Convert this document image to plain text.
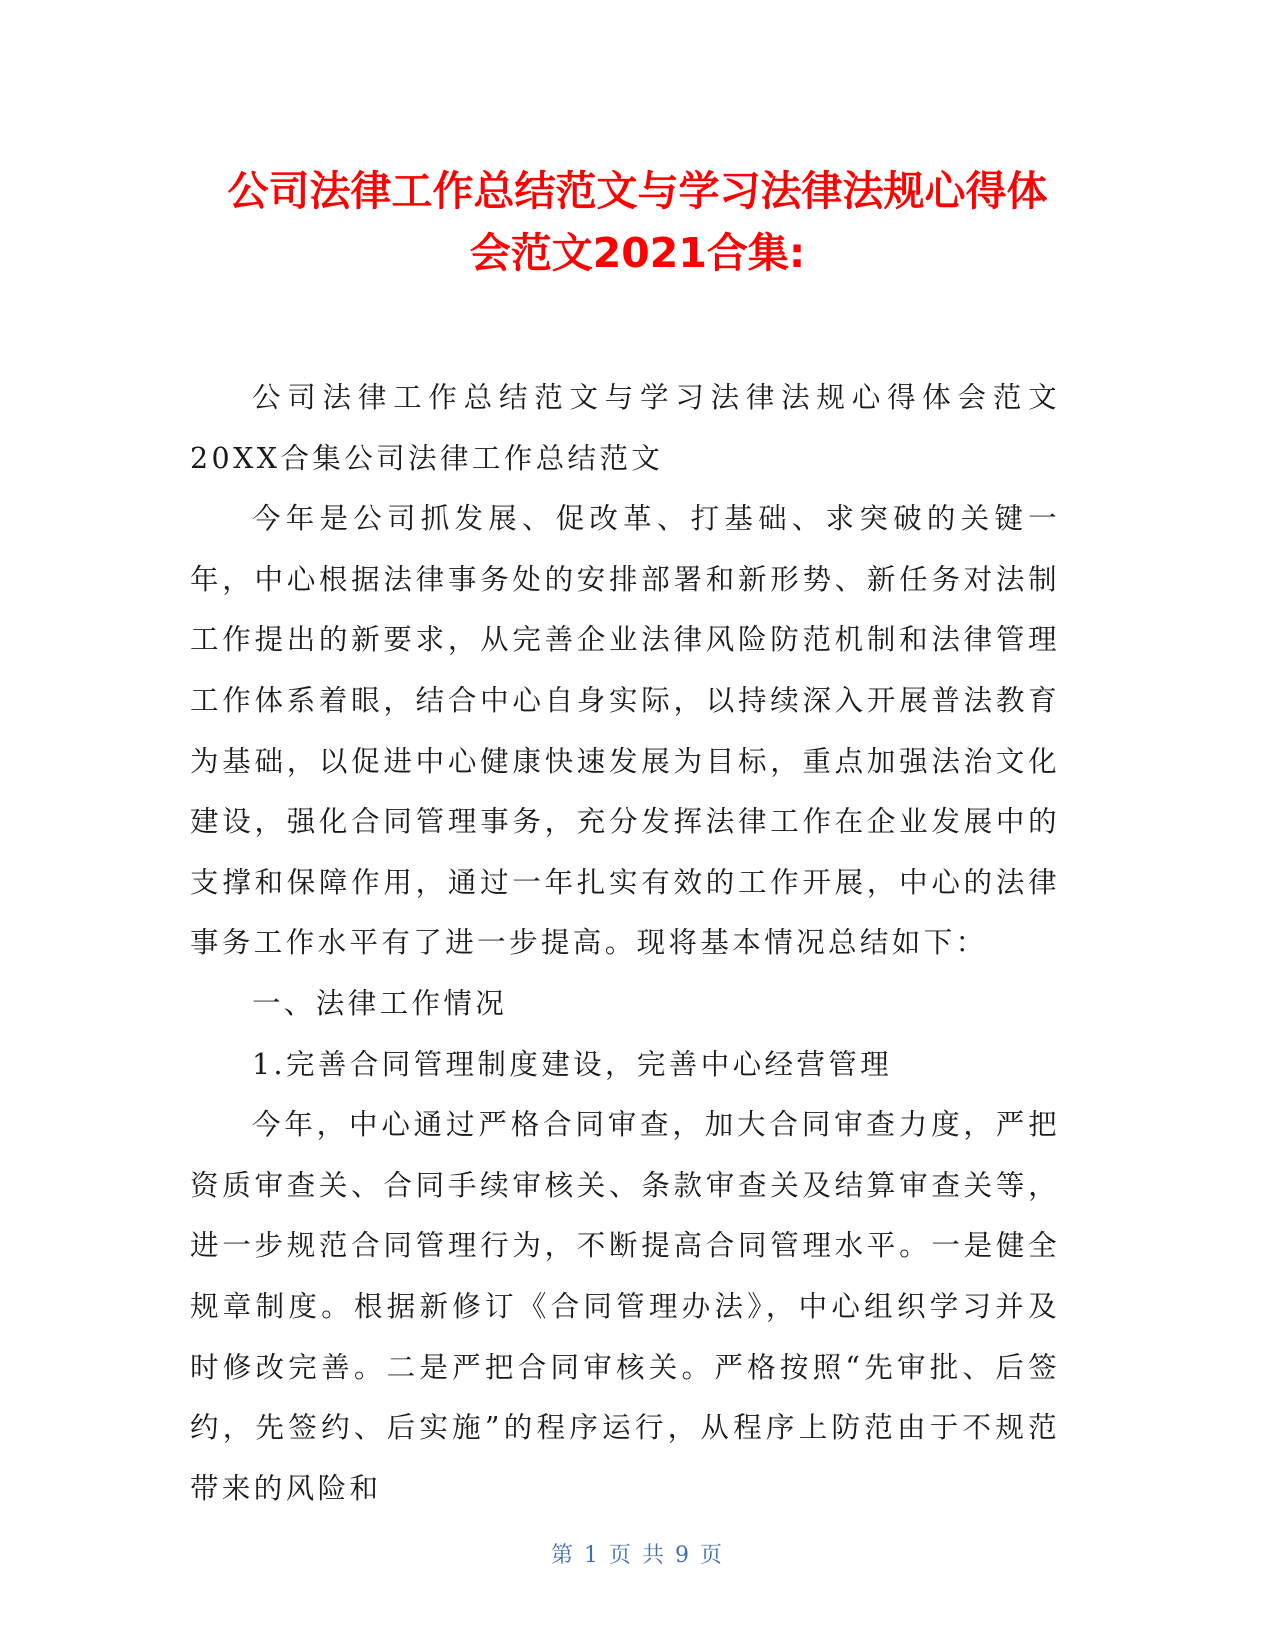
公司法律工作总结范文与学习法律法规心得体
会范文2021合集:

公司法律工作总结范文与学习法律法规心得体会范文20XX合集公司法律工作总结范文

今年是公司抓发展、促改革、打基础、求突破的关键一年，中心根据法律事务处的安排部署和新形势、新任务对法制工作提出的新要求，从完善企业法律风险防范机制和法律管理工作体系着眼，结合中心自身实际，以持续深入开展普法教育为基础，以促进中心健康快速发展为目标，重点加强法治文化建设，强化合同管理事务，充分发挥法律工作在企业发展中的支撑和保障作用，通过一年扎实有效的工作开展，中心的法律事务工作水平有了进一步提高。现将基本情况总结如下：

一、法律工作情况

1.完善合同管理制度建设，完善中心经营管理

今年，中心通过严格合同审查，加大合同审查力度，严把资质审查关、合同手续审核关、条款审查关及结算审查关等，进一步规范合同管理行为，不断提高合同管理水平。一是健全规章制度。根据新修订《合同管理办法》，中心组织学习并及时修改完善。二是严把合同审核关。严格按照“先审批、后签约，先签约、后实施”的程序运行，从程序上防范由于不规范带来的风险和

第 1 页 共 9 页
